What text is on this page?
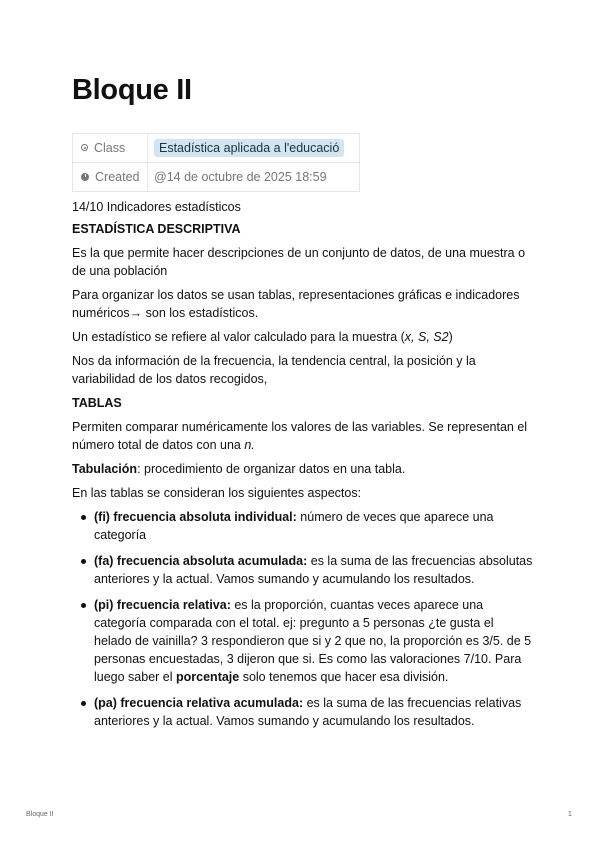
Bloque II
Class	Estadística aplicada a l'educació
Created	@14 de octubre de 2025 18:59

14/10 Indicadores estadísticos

ESTADÍSTICA DESCRIPTIVA

Es la que permite hacer descripciones de un conjunto de datos, de una muestra o de una población

Para organizar los datos se usan tablas, representaciones gráficas e indicadores numéricos→ son los estadísticos.

Un estadístico se refiere al valor calculado para la muestra (x, S, S2)

Nos da información de la frecuencia, la tendencia central, la posición y la variabilidad de los datos recogidos,

TABLAS

Permiten comparar numéricamente los valores de las variables. Se representan el número total de datos con una n.

Tabulación: procedimiento de organizar datos en una tabla.

En las tablas se consideran los siguientes aspectos:

(fi) frecuencia absoluta individual: número de veces que aparece una categoría
(fa) frecuencia absoluta acumulada: es la suma de las frecuencias absolutas anteriores y la actual. Vamos sumando y acumulando los resultados.
(pi) frecuencia relativa: es la proporción, cuantas veces aparece una categoría comparada con el total. ej: pregunto a 5 personas ¿te gusta el helado de vainilla? 3 respondieron que si y 2 que no, la proporción es 3/5. de 5 personas encuestadas, 3 dijeron que si. Es como las valoraciones 7/10. Para luego saber el porcentaje solo tenemos que hacer esa división.
(pa) frecuencia relativa acumulada: es la suma de las frecuencias relativas anteriores y la actual. Vamos sumando y acumulando los resultados.
Bloque II	1
